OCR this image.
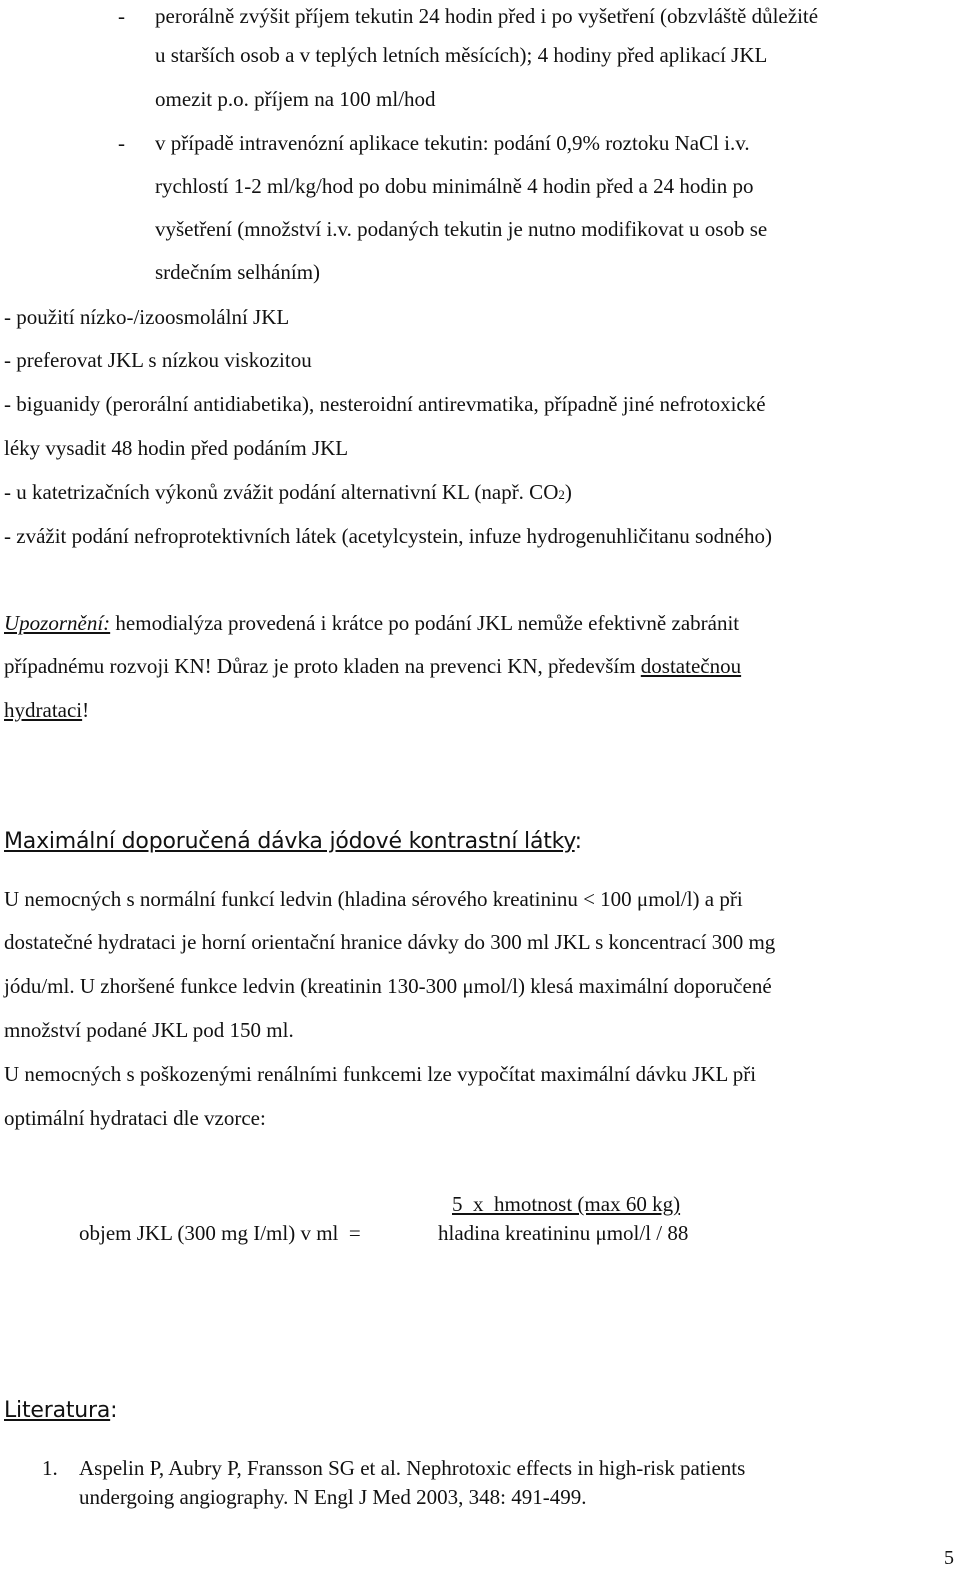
- perorálně zvýšit příjem tekutin 24 hodin před i po vyšetření (obzvláště důležité
u starších osob a v teplých letních měsících); 4 hodiny před aplikací JKL
omezit p.o. příjem na 100 ml/hod
- v případě intravenózní aplikace tekutin: podání 0,9% roztoku NaCl i.v.
rychlostí 1-2 ml/kg/hod po dobu minimálně 4 hodin před a 24 hodin po
vyšetření (množství i.v. podaných tekutin je nutno modifikovat u osob se
srdečním selháním)
- použití nízko-/izoosmolální JKL
- preferovat JKL s nízkou viskozitou
- biguanidy (perorální antidiabetika), nesteroidní antirevmatika, případně jiné nefrotoxické
léky vysadit 48 hodin před podáním JKL
- u katetrizačních výkonů zvážit podání alternativní KL (např. CO2)
- zvážit podání nefroprotektivních látek (acetylcystein, infuze hydrogenuhličitanu sodného)
Upozornění: hemodialýza provedená i krátce po podání JKL nemůže efektivně zabránit
případnému rozvoji KN! Důraz je proto kladen na prevenci KN, především dostatečnou
hydrataci!
Maximální doporučená dávka jódové kontrastní látky:
U nemocných s normální funkcí ledvin (hladina sérového kreatininu < 100 μmol/l) a při
dostatečné hydrataci je horní orientační hranice dávky do 300 ml JKL s koncentrací 300 mg
jódu/ml. U zhoršené funkce ledvin (kreatinin 130-300 μmol/l) klesá maximální doporučené
množství podané JKL pod 150 ml.
U nemocných s poškozenými renálními funkcemi lze vypočítat maximální dávku JKL při
optimální hydrataci dle vzorce:
5  x  hmotnost (max 60 kg)
objem JKL (300 mg I/ml) v ml  =	hladina kreatininu μmol/l / 88
Literatura:
1. Aspelin P, Aubry P, Fransson SG et al. Nephrotoxic effects in high-risk patients
undergoing angiography. N Engl J Med 2003, 348: 491-499.
5
